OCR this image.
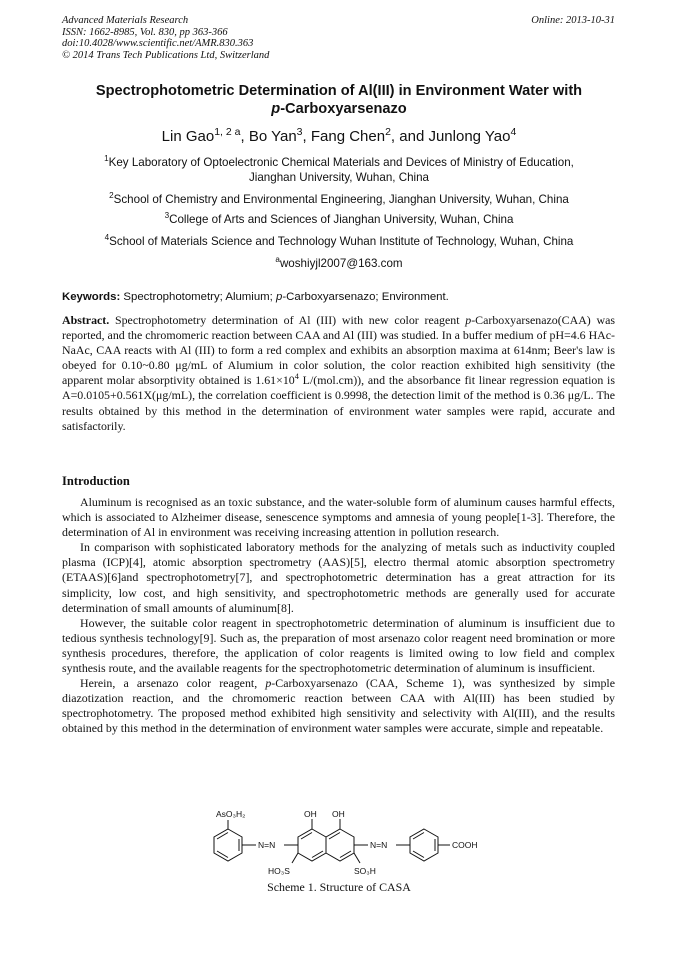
Advanced Materials Research
ISSN: 1662-8985, Vol. 830, pp 363-366
doi:10.4028/www.scientific.net/AMR.830.363
© 2014 Trans Tech Publications Ltd, Switzerland
Online: 2013-10-31
Spectrophotometric Determination of Al(III) in Environment Water with
p-Carboxyarsenazo
Lin Gao$^{1, 2 a}$, Bo Yan$^3$, Fang Chen$^2$, and Junlong Yao$^4$
$^1$Key Laboratory of Optoelectronic Chemical Materials and Devices of Ministry of Education,
Jianghan University, Wuhan, China
$^2$School of Chemistry and Environmental Engineering, Jianghan University, Wuhan, China
$^3$College of Arts and Sciences of Jianghan University, Wuhan, China
$^4$School of Materials Science and Technology Wuhan Institute of Technology, Wuhan, China
$^a$woshiyjl2007@163.com
Keywords: Spectrophotometry; Alumium; p-Carboxyarsenazo; Environment.
Abstract. Spectrophotometry determination of Al (III) with new color reagent p-Carboxyarsenazo(CAA) was reported, and the chromomeric reaction between CAA and Al (III) was studied. In a buffer medium of pH=4.6 HAc-NaAc, CAA reacts with Al (III) to form a red complex and exhibits an absorption maxima at 614nm; Beer's law is obeyed for 0.10~0.80 μg/mL of Alumium in color solution, the color reaction exhibited high sensitivity (the apparent molar absorptivity obtained is $1.61\times 10^4$ L/(mol.cm)), and the absorbance fit linear regression equation is A=0.0105+0.561X(μg/mL), the correlation coefficient is 0.9998, the detection limit of the method is 0.36 μg/L. The results obtained by this method in the determination of environment water samples were rapid, accurate and satisfactorily.
Introduction

Aluminum is recognised as an toxic substance, and the water-soluble form of aluminum causes harmful effects, which is associated to Alzheimer disease, senescence symptoms and amnesia of young people[1-3]. Therefore, the determination of Al in environment was receiving increasing attention in pollution research.

In comparison with sophisticated laboratory methods for the analyzing of metals such as inductivity coupled plasma (ICP)[4], atomic absorption spectrometry (AAS)[5], electro thermal atomic absorption spectrometry (ETAAS)[6]and spectrophotometry[7], and spectrophotometric determination has a great attraction for its simplicity, low cost, and high sensitivity, and spectrophotometric methods are generally used for accurate determination of small amounts of aluminum[8].

However, the suitable color reagent in spectrophotometric determination of aluminum is insufficient due to tedious synthesis technology[9]. Such as, the preparation of most arsenazo color reagent need bromination or more synthesis procedures, therefore, the application of color reagents is limited owing to low field and complex synthesis route, and the available reagents for the spectrophotometric determination of aluminum is insufficient.

Herein, a arsenazo color reagent, p-Carboxyarsenazo (CAA, Scheme 1), was synthesized by simple diazotization reaction, and the chromomeric reaction between CAA with Al(III) has been studied by spectrophotometry. The proposed method exhibited high sensitivity and selectivity with Al(III), and the results obtained by this method in the determination of environment water samples were accurate, simple and repeatable.

AsO₃H₂
N=N
OH OH
N=N
HO₃S	SO₃H
COOH
Scheme 1. Structure of CASA
